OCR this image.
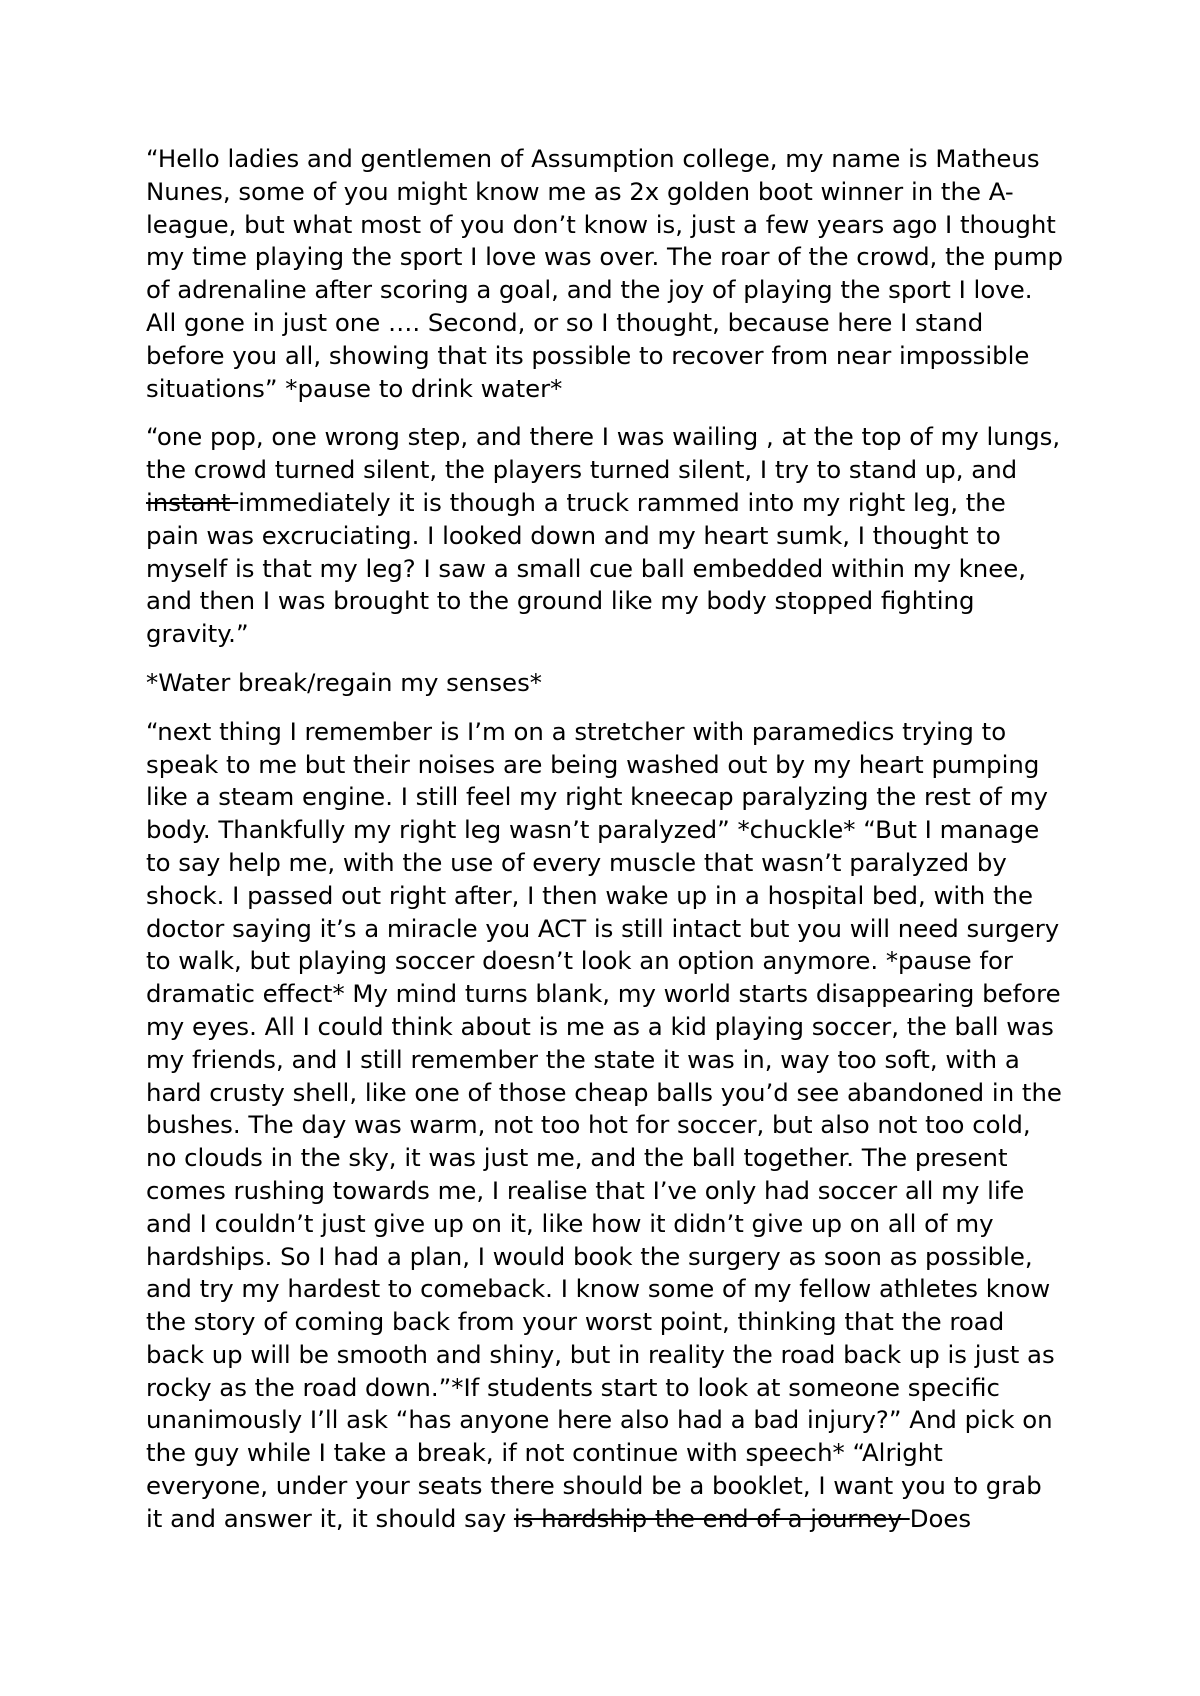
“Hello ladies and gentlemen of Assumption college, my name is Matheus
Nunes, some of you might know me as 2x golden boot winner in the A-
league, but what most of you don’t know is, just a few years ago I thought
my time playing the sport I love was over. The roar of the crowd, the pump
of adrenaline after scoring a goal, and the joy of playing the sport I love.
All gone in just one …. Second, or so I thought, because here I stand
before you all, showing that its possible to recover from near impossible
situations” *pause to drink water*
“one pop, one wrong step, and there I was wailing , at the top of my lungs,
the crowd turned silent, the players turned silent, I try to stand up, and
instant immediately it is though a truck rammed into my right leg, the
pain was excruciating. I looked down and my heart sumk, I thought to
myself is that my leg? I saw a small cue ball embedded within my knee,
and then I was brought to the ground like my body stopped fighting
gravity.”
*Water break/regain my senses*
“next thing I remember is I’m on a stretcher with paramedics trying to
speak to me but their noises are being washed out by my heart pumping
like a steam engine. I still feel my right kneecap paralyzing the rest of my
body. Thankfully my right leg wasn’t paralyzed” *chuckle* “But I manage
to say help me, with the use of every muscle that wasn’t paralyzed by
shock. I passed out right after, I then wake up in a hospital bed, with the
doctor saying it’s a miracle you ACT is still intact but you will need surgery
to walk, but playing soccer doesn’t look an option anymore. *pause for
dramatic effect* My mind turns blank, my world starts disappearing before
my eyes. All I could think about is me as a kid playing soccer, the ball was
my friends, and I still remember the state it was in, way too soft, with a
hard crusty shell, like one of those cheap balls you’d see abandoned in the
bushes. The day was warm, not too hot for soccer, but also not too cold,
no clouds in the sky, it was just me, and the ball together. The present
comes rushing towards me, I realise that I’ve only had soccer all my life
and I couldn’t just give up on it, like how it didn’t give up on all of my
hardships. So I had a plan, I would book the surgery as soon as possible,
and try my hardest to comeback. I know some of my fellow athletes know
the story of coming back from your worst point, thinking that the road
back up will be smooth and shiny, but in reality the road back up is just as
rocky as the road down.”*If students start to look at someone specific
unanimously I’ll ask “has anyone here also had a bad injury?” And pick on
the guy while I take a break, if not continue with speech* “Alright
everyone, under your seats there should be a booklet, I want you to grab
it and answer it, it should say is hardship the end of a journey Does
